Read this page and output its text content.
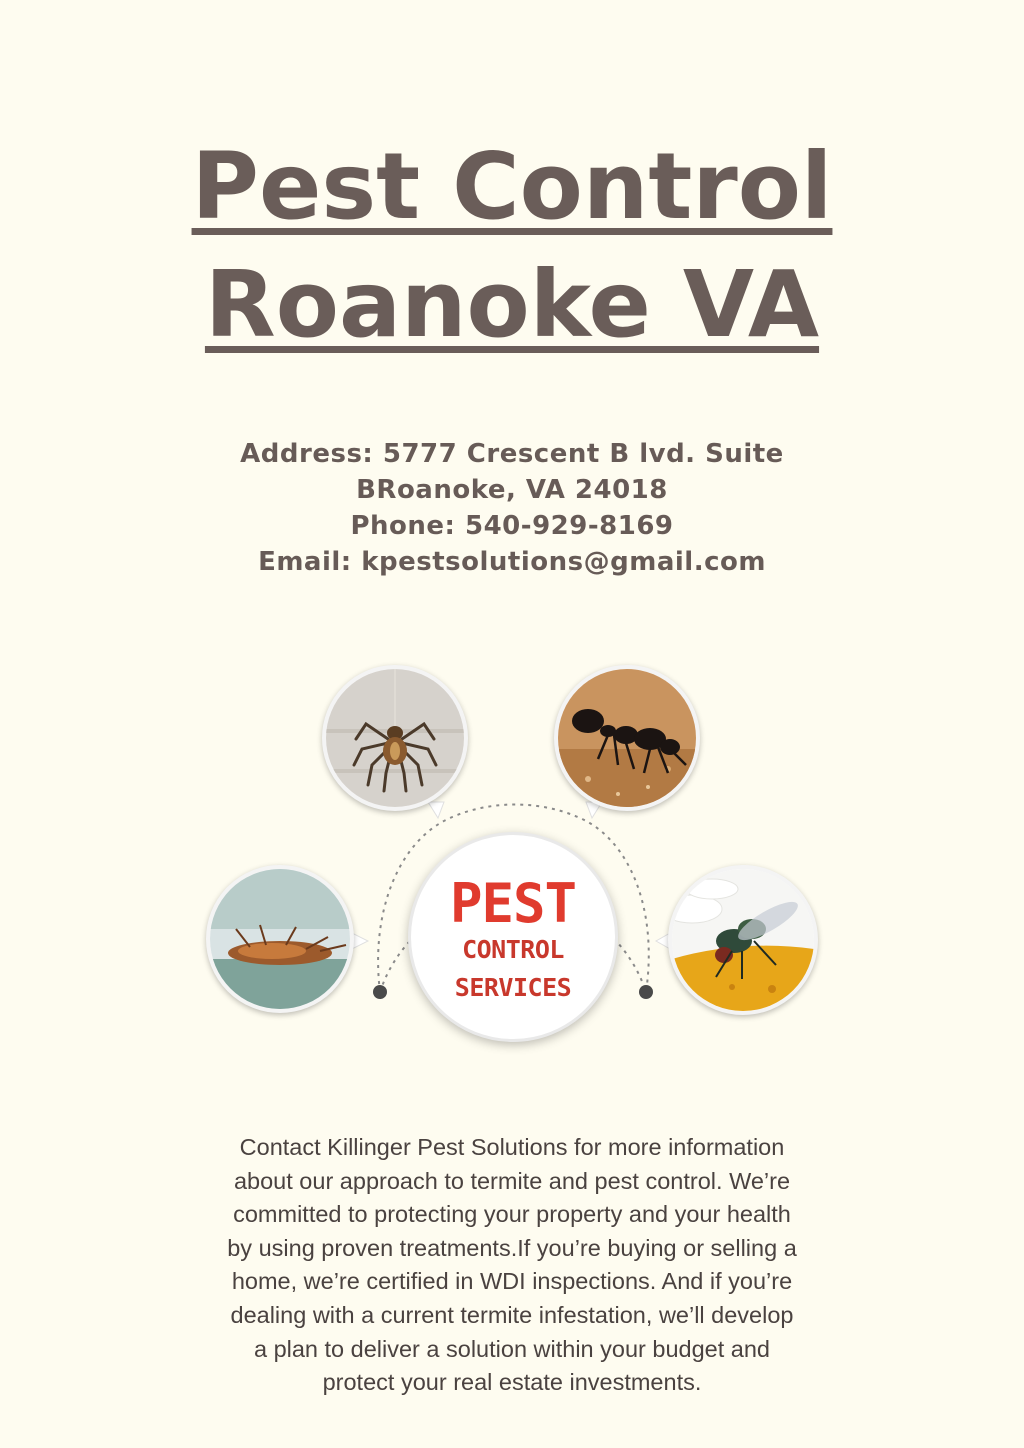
Pest Control
Roanoke VA
Address: 5777 Crescent B lvd. Suite
BRoanoke, VA 24018
Phone: 540-929-8169
Email: kpestsolutions@gmail.com
PEST
CONTROL
SERVICES
Contact Killinger Pest Solutions for more information
about our approach to termite and pest control. We’re
committed to protecting your property and your health
by using proven treatments.If you’re buying or selling a
home, we’re certified in WDI inspections. And if you’re
dealing with a current termite infestation, we’ll develop
a plan to deliver a solution within your budget and
protect your real estate investments.
